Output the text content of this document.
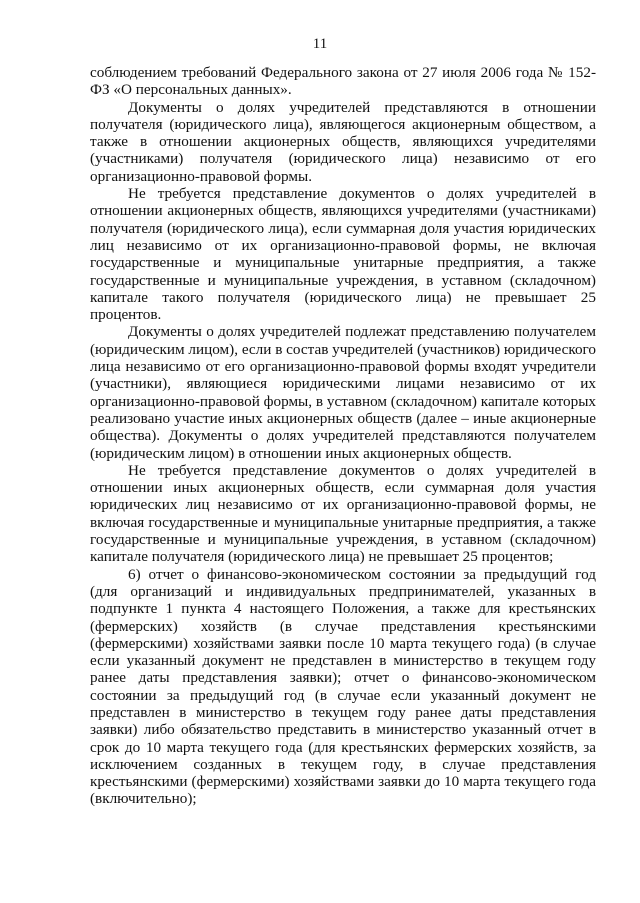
11

соблюдением требований Федерального закона от 27 июля 2006 года № 152-ФЗ «О персональных данных».

Документы о долях учредителей представляются в отношении получателя (юридического лица), являющегося акционерным обществом, а также в отношении акционерных обществ, являющихся учредителями (участниками) получателя (юридического лица) независимо от его организационно-правовой формы.

Не требуется представление документов о долях учредителей в отношении акционерных обществ, являющихся учредителями (участниками) получателя (юридического лица), если суммарная доля участия юридических лиц независимо от их организационно-правовой формы, не включая государственные и муниципальные унитарные предприятия, а также государственные и муниципальные учреждения, в уставном (складочном) капитале такого получателя (юридического лица) не превышает 25 процентов.

Документы о долях учредителей подлежат представлению получателем (юридическим лицом), если в состав учредителей (участников) юридического лица независимо от его организационно-правовой формы входят учредители (участники), являющиеся юридическими лицами независимо от их организационно-правовой формы, в уставном (складочном) капитале которых реализовано участие иных акционерных обществ (далее – иные акционерные общества). Документы о долях учредителей представляются получателем (юридическим лицом) в отношении иных акционерных обществ.

Не требуется представление документов о долях учредителей в отношении иных акционерных обществ, если суммарная доля участия юридических лиц независимо от их организационно-правовой формы, не включая государственные и муниципальные унитарные предприятия, а также государственные и муниципальные учреждения, в уставном (складочном) капитале получателя (юридического лица) не превышает 25 процентов;

6) отчет о финансово-экономическом состоянии за предыдущий год (для организаций и индивидуальных предпринимателей, указанных в подпункте 1 пункта 4 настоящего Положения, а также для крестьянских (фермерских) хозяйств (в случае представления крестьянскими (фермерскими) хозяйствами заявки после 10 марта текущего года) (в случае если указанный документ не представлен в министерство в текущем году ранее даты представления заявки); отчет о финансово-экономическом состоянии за предыдущий год (в случае если указанный документ не представлен в министерство в текущем году ранее даты представления заявки) либо обязательство представить в министерство указанный отчет в срок до 10 марта текущего года (для крестьянских фермерских хозяйств, за исключением созданных в текущем году, в случае представления крестьянскими (фермерскими) хозяйствами заявки до 10 марта текущего года (включительно);
